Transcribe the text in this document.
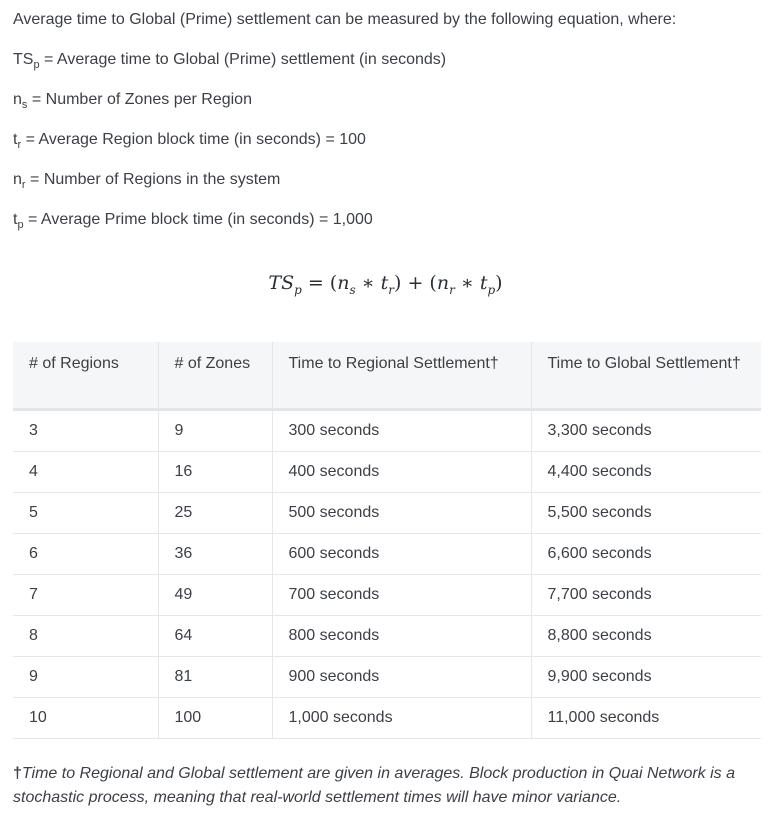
Average time to Global (Prime) settlement can be measured by the following equation, where:

$TS_p$ = Average time to Global (Prime) settlement (in seconds)

$n_s$ = Number of Zones per Region

$t_r$ = Average Region block time (in seconds) = 100

$n_r$ = Number of Regions in the system

$t_p$ = Average Prime block time (in seconds) = 1,000

$TS_p = (n_s$ ∗ $t_r) + (n_r$ ∗ $t_p$)
# of Regions	# of Zones	Time to Regional Settlement†	Time to Global Settlement†
3	9	300 seconds	3,300 seconds
4	16	400 seconds	4,400 seconds
5	25	500 seconds	5,500 seconds
6	36	600 seconds	6,600 seconds
7	49	700 seconds	7,700 seconds
8	64	800 seconds	8,800 seconds
9	81	900 seconds	9,900 seconds
10	100	1,000 seconds	11,000 seconds

†Time to Regional and Global settlement are given in averages. Block production in Quai Network is a stochastic process, meaning that real-world settlement times will have minor variance.
